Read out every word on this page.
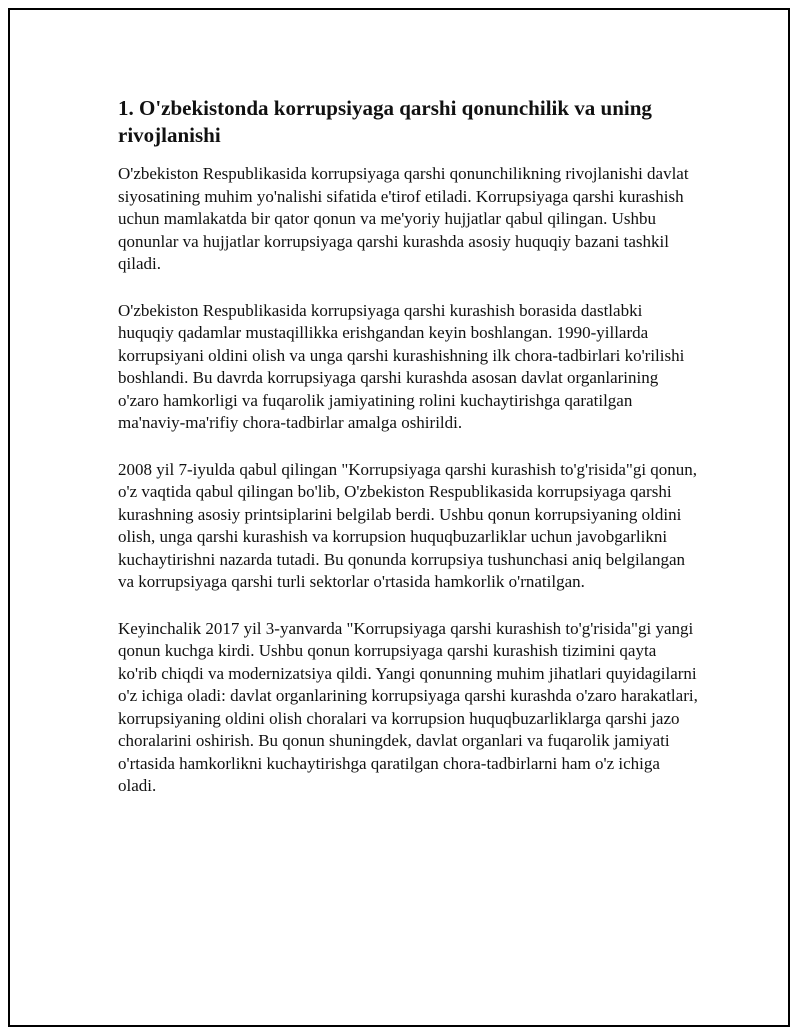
1. O'zbekistonda korrupsiyaga qarshi qonunchilik va uning rivojlanishi

O'zbekiston Respublikasida korrupsiyaga qarshi qonunchilikning rivojlanishi davlat siyosatining muhim yo'nalishi sifatida e'tirof etiladi. Korrupsiyaga qarshi kurashish uchun mamlakatda bir qator qonun va me'yoriy hujjatlar qabul qilingan. Ushbu qonunlar va hujjatlar korrupsiyaga qarshi kurashda asosiy huquqiy bazani tashkil qiladi.

O'zbekiston Respublikasida korrupsiyaga qarshi kurashish borasida dastlabki huquqiy qadamlar mustaqillikka erishgandan keyin boshlangan. 1990-yillarda korrupsiyani oldini olish va unga qarshi kurashishning ilk chora-tadbirlari ko'rilishi boshlandi. Bu davrda korrupsiyaga qarshi kurashda asosan davlat organlarining o'zaro hamkorligi va fuqarolik jamiyatining rolini kuchaytirishga qaratilgan ma'naviy-ma'rifiy chora-tadbirlar amalga oshirildi.

2008 yil 7-iyulda qabul qilingan "Korrupsiyaga qarshi kurashish to'g'risida"gi qonun, o'z vaqtida qabul qilingan bo'lib, O'zbekiston Respublikasida korrupsiyaga qarshi kurashning asosiy printsiplarini belgilab berdi. Ushbu qonun korrupsiyaning oldini olish, unga qarshi kurashish va korrupsion huquqbuzarliklar uchun javobgarlikni kuchaytirishni nazarda tutadi. Bu qonunda korrupsiya tushunchasi aniq belgilangan va korrupsiyaga qarshi turli sektorlar o'rtasida hamkorlik o'rnatilgan.

Keyinchalik 2017 yil 3-yanvarda "Korrupsiyaga qarshi kurashish to'g'risida"gi yangi qonun kuchga kirdi. Ushbu qonun korrupsiyaga qarshi kurashish tizimini qayta ko'rib chiqdi va modernizatsiya qildi. Yangi qonunning muhim jihatlari quyidagilarni o'z ichiga oladi: davlat organlarining korrupsiyaga qarshi kurashda o'zaro harakatlari, korrupsiyaning oldini olish choralari va korrupsion huquqbuzarliklarga qarshi jazo choralarini oshirish. Bu qonun shuningdek, davlat organlari va fuqarolik jamiyati o'rtasida hamkorlikni kuchaytirishga qaratilgan chora-tadbirlarni ham o'z ichiga oladi.
